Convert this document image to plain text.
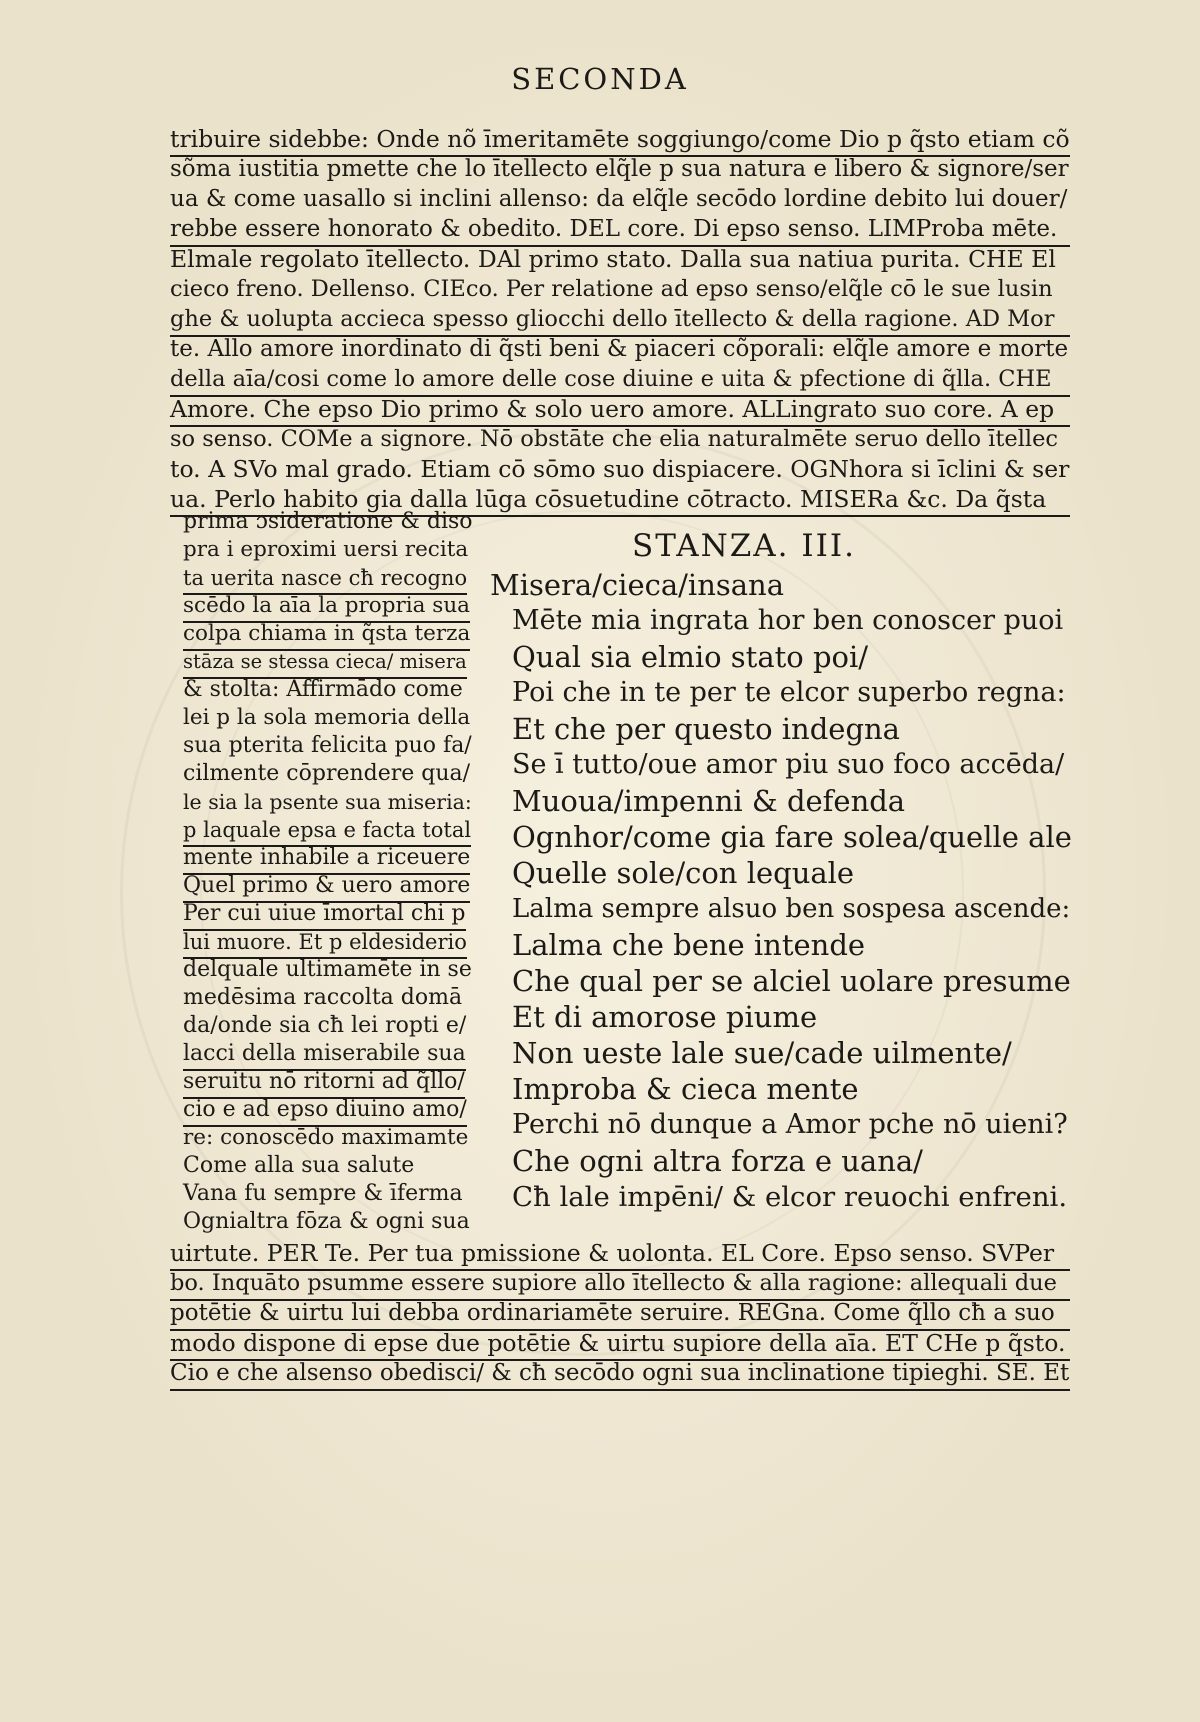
SECONDA
tribuire sidebbe: Onde nõ īmeritamēte soggiungo/come Dio p q̃sto etiam cõ
sõma iustitia pmette che lo ītellecto elq̃le p sua natura e libero & signore/ser
ua & come uasallo si inclini allenso: da elq̃le secōdo lordine debito lui douer/
rebbe essere honorato & obedito. DEL core. Di epso senso. LIMProba mēte.
Elmale regolato ītellecto. DAl primo stato. Dalla sua natiua purita. CHE El
cieco freno. Dellenso. CIEco. Per relatione ad epso senso/elq̃le cō le sue lusin
ghe & uolupta accieca spesso gliocchi dello ītellecto & della ragione. AD Mor
te. Allo amore inordinato di q̃sti beni & piaceri cõporali: elq̃le amore e morte
della aīa/cosi come lo amore delle cose diuine e uita & pfectione di q̃lla. CHE
Amore. Che epso Dio primo & solo uero amore. ALLingrato suo core. A ep
so senso. COMe a signore. Nō obstāte che elia naturalmēte seruo dello ītellec
to. A SVo mal grado. Etiam cō sōmo suo dispiacere. OGNhora si īclini & ser
ua. Perlo habito gia dalla lūga cōsuetudine cōtracto. MISERa &c. Da q̃sta
prima ɔsideratione & diso
pra i eproximi uersi recita
ta uerita nasce cħ recogno
scēdo la aīa la propria sua
colpa chiama in q̃sta terza
stāza se stessa cieca/ misera
& stolta: Affirmādo come
lei p la sola memoria della
sua pterita felicita puo fa/
cilmente cōprendere qua/
le sia la psente sua miseria:
p laquale epsa e facta total
mente inhabile a riceuere
Quel primo & uero amore
Per cui uiue īmortal chi p
lui muore. Et p eldesiderio
delquale ultimamēte in se
medēsima raccolta domā
da/onde sia cħ lei ropti e/
lacci della miserabile sua
seruitu nō ritorni ad q̃llo/
cio e ad epso diuino amo/
re: conoscēdo maximamte
Come alla sua salute
Vana fu sempre & īferma
Ognialtra fōza & ogni sua
STANZA. III.
Misera/cieca/insana
Mēte mia ingrata hor ben conoscer puoi
Qual sia elmio stato poi/
Poi che in te per te elcor superbo regna:
Et che per questo indegna
Se ī tutto/oue amor piu suo foco accēda/
Muoua/impenni & defenda
Ognhor/come gia fare solea/quelle ale
Quelle sole/con lequale
Lalma sempre alsuo ben sospesa ascende:
Lalma che bene intende
Che qual per se alciel uolare presume
Et di amorose piume
Non ueste lale sue/cade uilmente/
Improba & cieca mente
Perchi nō dunque a Amor pche nō uieni?
Che ogni altra forza e uana/
Cħ lale impēni/ & elcor reuochi enfreni.
uirtute. PER Te. Per tua pmissione & uolonta. EL Core. Epso senso. SVPer
bo. Inquāto psumme essere supiore allo ītellecto & alla ragione: allequali due
potētie & uirtu lui debba ordinariamēte seruire. REGna. Come q̃llo cħ a suo
modo dispone di epse due potētie & uirtu supiore della aīa. ET CHe p q̃sto.
Cio e che alsenso obedisci/ & cħ secōdo ogni sua inclinatione tipieghi. SE. Et
